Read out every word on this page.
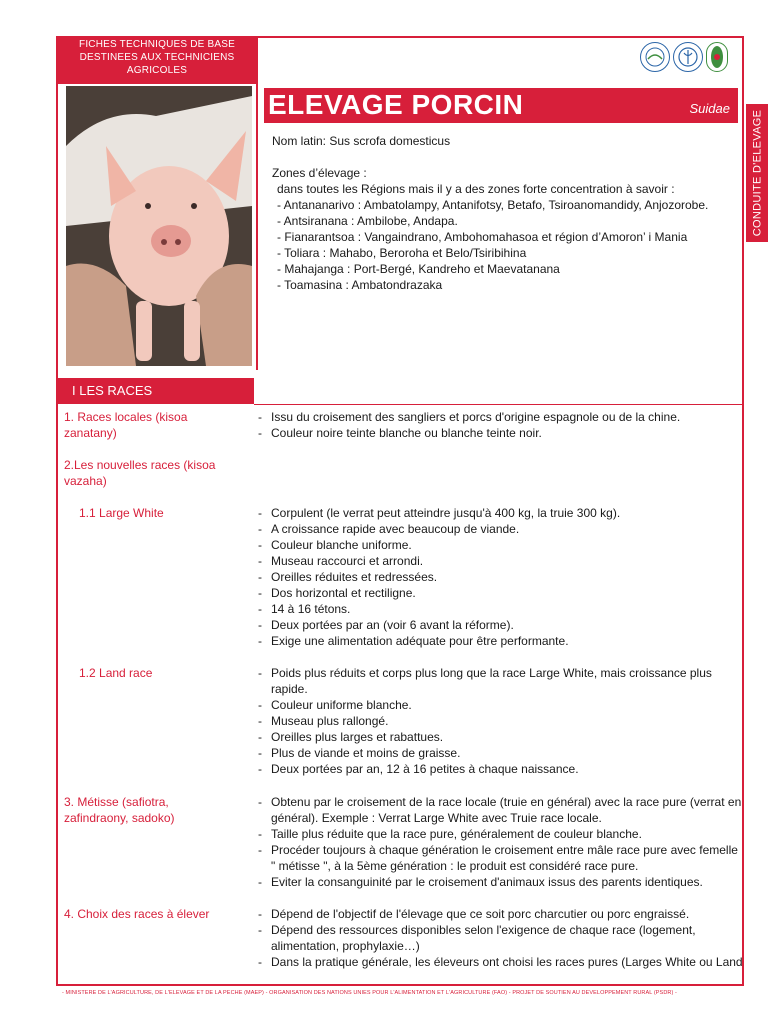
FICHES TECHNIQUES DE BASE DESTINEES AUX TECHNICIENS AGRICOLES
ELEVAGE PORCIN	Suidae
CONDUITE D'ELEVAGE
Nom latin: Sus scrofa domesticus
Zones d’élevage :
dans toutes les Régions mais il y a des zones forte concentration à savoir :
- Antananarivo : Ambatolampy, Antanifotsy, Betafo, Tsiroanomandidy, Anjozorobe.
- Antsiranana : Ambilobe, Andapa.
- Fianarantsoa : Vangaindrano, Ambohomahasoa et région d’Amoron’ i Mania
- Toliara : Mahabo, Beroroha et Belo/Tsiribihina
- Mahajanga : Port-Bergé, Kandreho et Maevatanana
- Toamasina : Ambatondrazaka
I LES RACES
1. Races locales (kisoa zanatany)
- Issu du croisement des sangliers et porcs d'origine espagnole ou de la chine.
- Couleur noire teinte blanche ou blanche teinte noir.
2.Les nouvelles races (kisoa vazaha)
1.1 Large White	- Corpulent (le verrat peut atteindre jusqu'à 400 kg, la truie 300 kg).
- A croissance rapide avec beaucoup de viande.
- Couleur blanche uniforme.
- Museau raccourci et arrondi.
- Oreilles réduites et redressées.
- Dos horizontal et rectiligne.
- 14 à 16 tétons.
- Deux portées par an (voir 6 avant la réforme).
- Exige une alimentation adéquate pour être performante.
1.2 Land race	- Poids plus réduits et corps plus long que la race Large White, mais croissance plus rapide.
- Couleur uniforme blanche.
- Museau plus rallongé.
- Oreilles plus larges et rabattues.
- Plus de viande et moins de graisse.
- Deux portées par an, 12 à 16 petites à chaque naissance.
3. Métisse (safiotra, zafindraony, sadoko)
- Obtenu par le croisement de la race locale (truie en général) avec la race pure (verrat en général). Exemple : Verrat Large White avec Truie race locale.
- Taille plus réduite que la race pure, généralement de couleur blanche.
- Procéder toujours à chaque génération le croisement entre mâle race pure avec femelle " métisse ", à la 5ème génération : le produit est considéré race pure.
- Eviter la consanguinité par le croisement d'animaux issus des parents identiques.
4. Choix des races à élever	- Dépend de l'objectif de l'élevage que ce soit porc charcutier ou porc engraissé.
- Dépend des ressources disponibles selon l'exigence de chaque race (logement, alimentation, prophylaxie…)
- Dans la pratique générale, les éleveurs ont choisi les races pures (Larges White ou Land
- MINISTERE DE L'AGRICULTURE, DE L'ELEVAGE ET DE LA PECHE (MAEP) - ORGANISATION DES NATIONS UNIES POUR L'ALIMENTATION ET L'AGRICULTURE (FAO) - PROJET DE SOUTIEN AU DEVELOPPEMENT RURAL (PSDR) -
